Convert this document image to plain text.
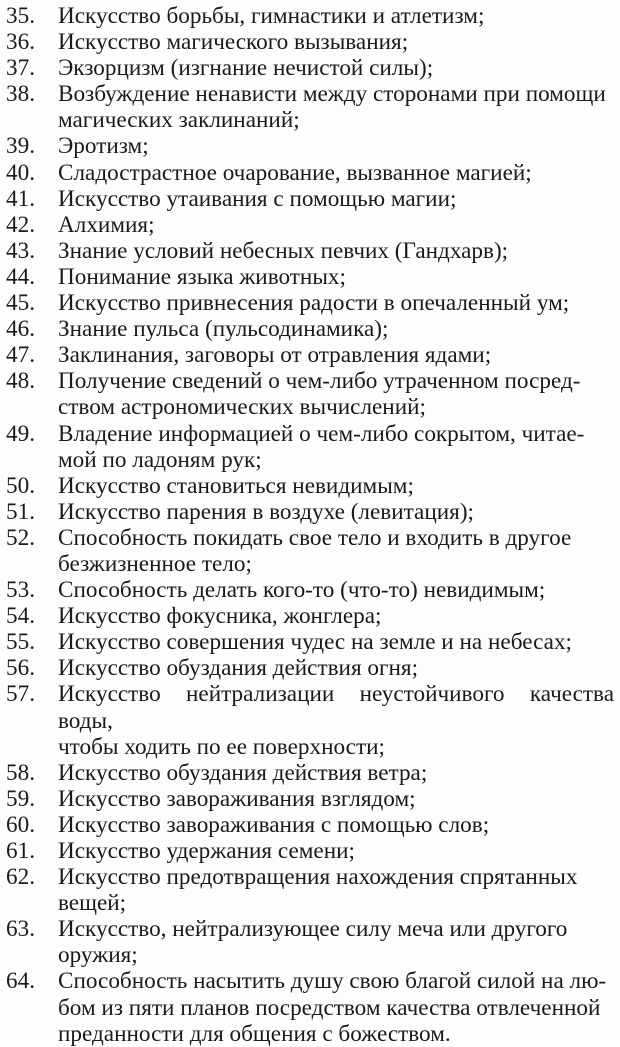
35. Искусство борьбы, гимнастики и атлетизм;
36. Искусство магического вызывания;
37. Экзорцизм (изгнание нечистой силы);
38. Возбуждение ненависти между сторонами при помощи
магических заклинаний;
39. Эротизм;
40. Сладострастное очарование, вызванное магией;
41. Искусство утаивания с помощью магии;
42. Алхимия;
43. Знание условий небесных певчих (Гандхарв);
44. Понимание языка животных;
45. Искусство привнесения радости в опечаленный ум;
46. Знание пульса (пульсодинамика);
47. Заклинания, заговоры от отравления ядами;
48. Получение сведений о чем-либо утраченном посред-
ством астрономических вычислений;
49. Владение информацией о чем-либо сокрытом, читае-
мой по ладоням рук;
50. Искусство становиться невидимым;
51. Искусство парения в воздухе (левитация);
52. Способность покидать свое тело и входить в другое
безжизненное тело;
53. Способность делать кого-то (что-то) невидимым;
54. Искусство фокусника, жонглера;
55. Искусство совершения чудес на земле и на небесах;
56. Искусство обуздания действия огня;
57. Искусство нейтрализации неустойчивого качества воды,
чтобы ходить по ее поверхности;
58. Искусство обуздания действия ветра;
59. Искусство завораживания взглядом;
60. Искусство завораживания с помощью слов;
61. Искусство удержания семени;
62. Искусство предотвращения нахождения спрятанных
вещей;
63. Искусство, нейтрализующее силу меча или другого
оружия;
64. Способность насытить душу свою благой силой на лю-
бом из пяти планов посредством качества отвлеченной
преданности для общения с божеством.
